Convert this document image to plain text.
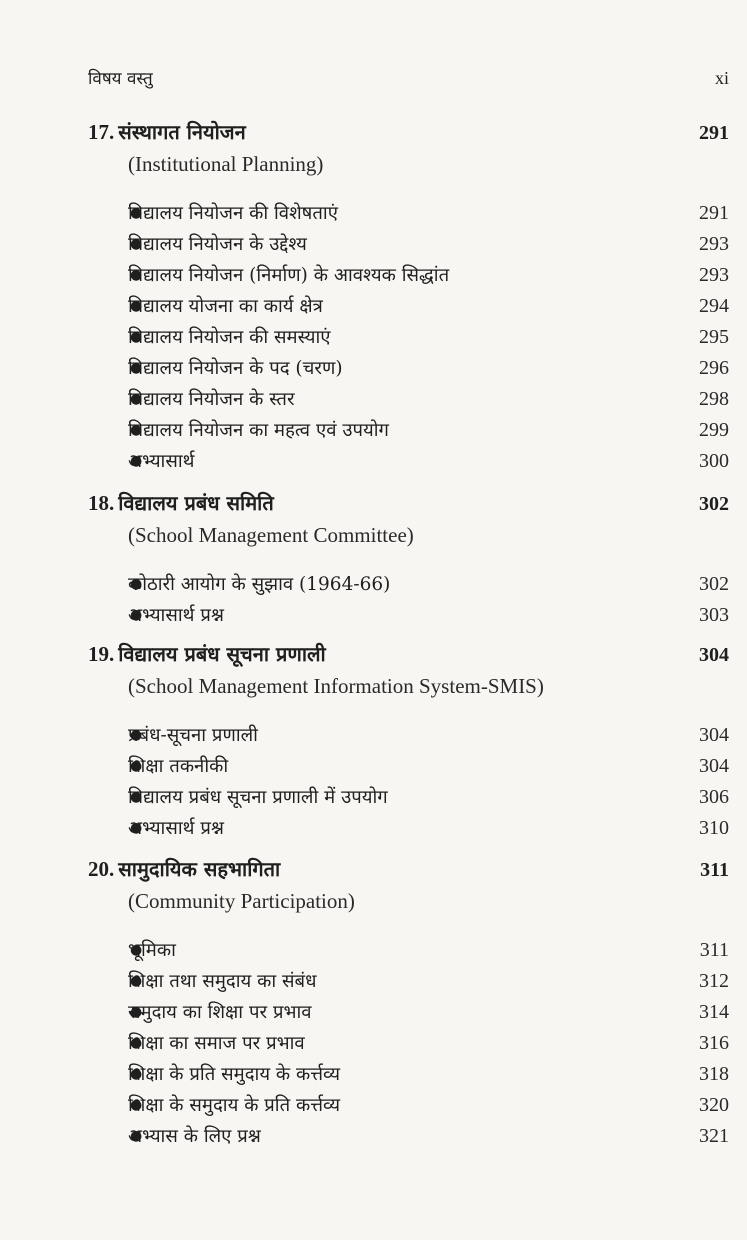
विषय वस्तु	xi
17. संस्थागत नियोजन	291
(Institutional Planning)
●
विद्यालय नियोजन की विशेषताएं	291
●
विद्यालय नियोजन के उद्देश्य	293
●
विद्यालय नियोजन (निर्माण) के आवश्यक सिद्धांत	293
●
विद्यालय योजना का कार्य क्षेत्र	294
●
विद्यालय नियोजन की समस्याएं	295
●
विद्यालय नियोजन के पद (चरण)	296
●
विद्यालय नियोजन के स्तर	298
●
विद्यालय नियोजन का महत्व एवं उपयोग	299
●
अभ्यासार्थ	300
18. विद्यालय प्रबंध समिति	302
(School Management Committee)
●
कोठारी आयोग के सुझाव (1964-66)	302
●
अभ्यासार्थ प्रश्न	303
19. विद्यालय प्रबंध सूचना प्रणाली	304
(School Management Information System-SMIS)
●
प्रबंध-सूचना प्रणाली	304
●
शिक्षा तकनीकी	304
●
विद्यालय प्रबंध सूचना प्रणाली में उपयोग	306
●
अभ्यासार्थ प्रश्न	310
20. सामुदायिक सहभागिता	311
(Community Participation)
●
भूमिका	311
●
शिक्षा तथा समुदाय का संबंध	312
●
समुदाय का शिक्षा पर प्रभाव	314
●
शिक्षा का समाज पर प्रभाव	316
●
शिक्षा के प्रति समुदाय के कर्त्तव्य	318
●
शिक्षा के समुदाय के प्रति कर्त्तव्य	320
●
अभ्यास के लिए प्रश्न	321
